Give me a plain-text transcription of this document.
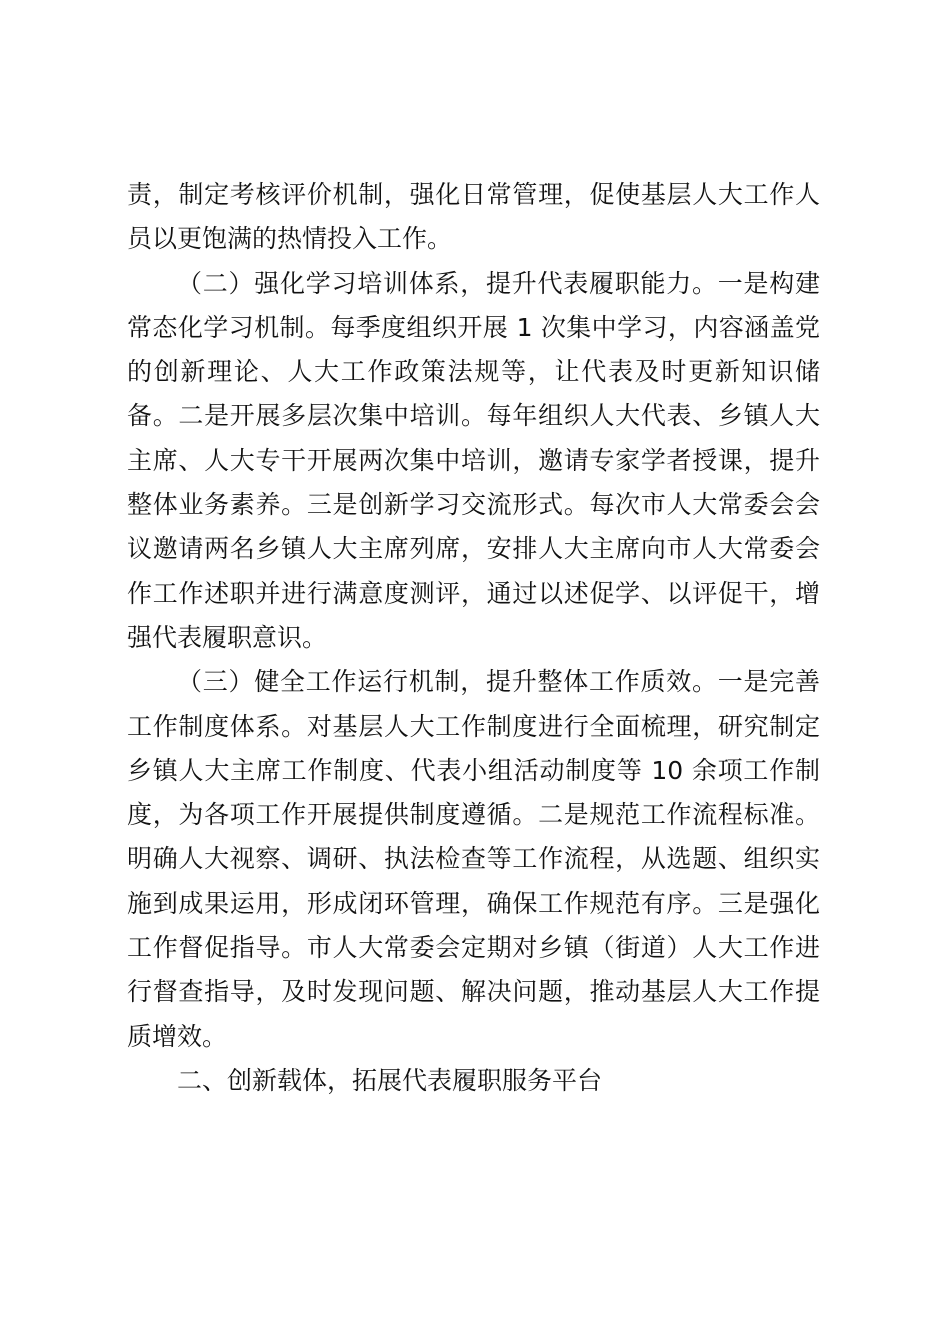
责，制定考核评价机制，强化日常管理，促使基层人大工作人员以更饱满的热情投入工作。

（二）强化学习培训体系，提升代表履职能力。一是构建常态化学习机制。每季度组织开展 1 次集中学习，内容涵盖党的创新理论、人大工作政策法规等，让代表及时更新知识储备。二是开展多层次集中培训。每年组织人大代表、乡镇人大主席、人大专干开展两次集中培训，邀请专家学者授课，提升整体业务素养。三是创新学习交流形式。每次市人大常委会会议邀请两名乡镇人大主席列席，安排人大主席向市人大常委会作工作述职并进行满意度测评，通过以述促学、以评促干，增强代表履职意识。

（三）健全工作运行机制，提升整体工作质效。一是完善工作制度体系。对基层人大工作制度进行全面梳理，研究制定乡镇人大主席工作制度、代表小组活动制度等 10 余项工作制度，为各项工作开展提供制度遵循。二是规范工作流程标准。明确人大视察、调研、执法检查等工作流程，从选题、组织实施到成果运用，形成闭环管理，确保工作规范有序。三是强化工作督促指导。市人大常委会定期对乡镇（街道）人大工作进行督查指导，及时发现问题、解决问题，推动基层人大工作提质增效。

二、创新载体，拓展代表履职服务平台
